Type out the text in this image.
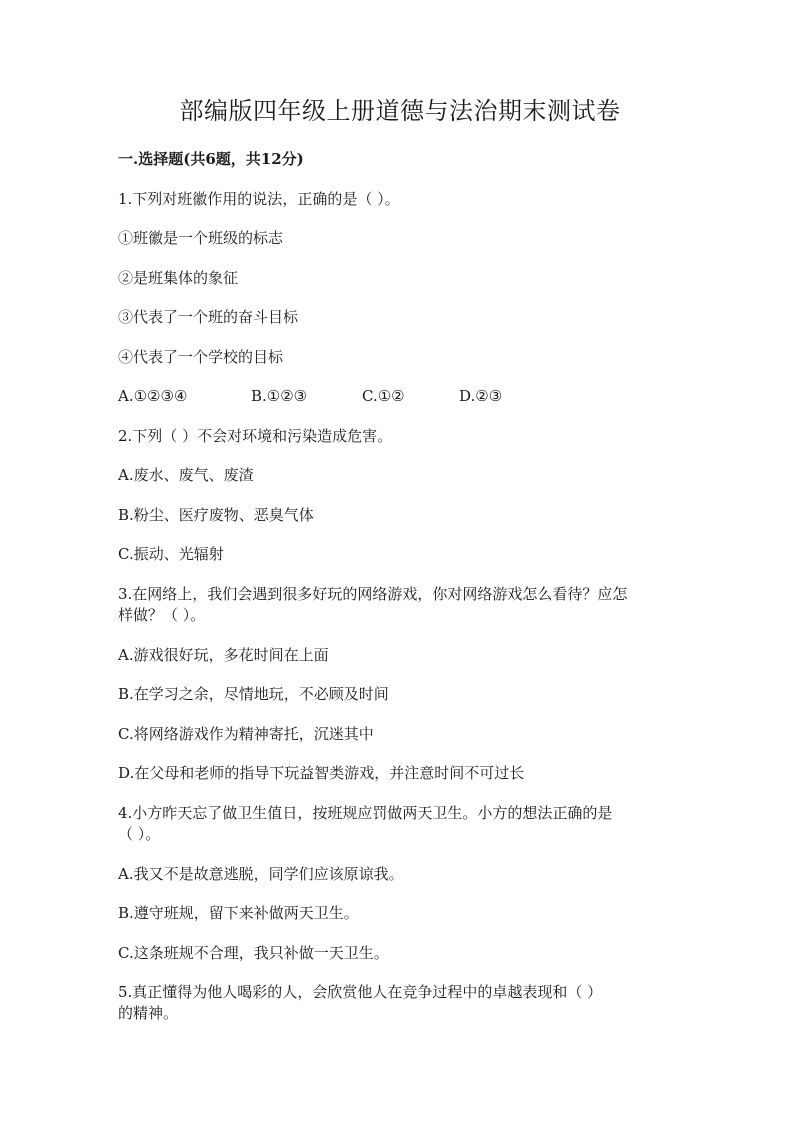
部编版四年级上册道德与法治期末测试卷
一.选择题(共6题，共12分)
1.下列对班徽作用的说法，正确的是（ ）。
①班徽是一个班级的标志
②是班集体的象征
③代表了一个班的奋斗目标
④代表了一个学校的目标
A.①②③④	B.①②③	C.①②	D.②③
2.下列（ ）不会对环境和污染造成危害。
A.废水、废气、废渣
B.粉尘、医疗废物、恶臭气体
C.振动、光辐射
3.在网络上，我们会遇到很多好玩的网络游戏，你对网络游戏怎么看待？应怎
样做？（ ）。
A.游戏很好玩，多花时间在上面
B.在学习之余，尽情地玩，不必顾及时间
C.将网络游戏作为精神寄托，沉迷其中
D.在父母和老师的指导下玩益智类游戏，并注意时间不可过长
4.小方昨天忘了做卫生值日，按班规应罚做两天卫生。小方的想法正确的是
（ ）。
A.我又不是故意逃脱，同学们应该原谅我。
B.遵守班规，留下来补做两天卫生。
C.这条班规不合理，我只补做一天卫生。
5.真正懂得为他人喝彩的人，会欣赏他人在竞争过程中的卓越表现和（ ）
的精神。
